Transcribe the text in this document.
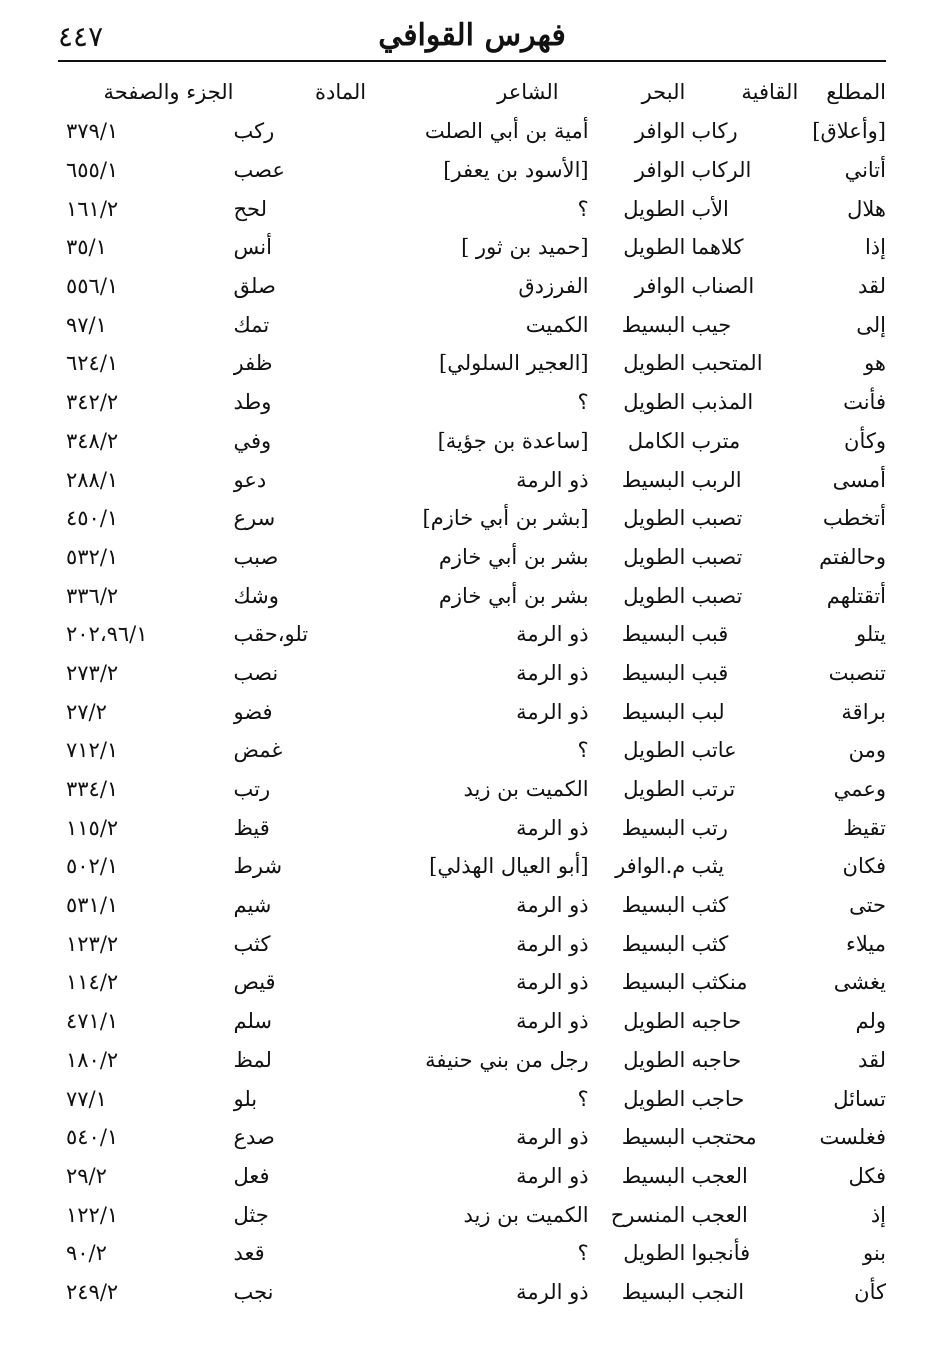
٤٤٧	فهرس القوافي
المطلع	القافية	البحر	الشاعر	المادة	الجزء والصفحة
[وأعلاق]	ركاب	الوافر	أمية بن أبي الصلت	ركب	٣٧٩/١
أتاني	الركاب	الوافر	[الأسود بن يعفر]	عصب	٦٥٥/١
هلال	الأب	الطويل	؟	لحح	١٦١/٢
إذا	كلاهما	الطويل	[حميد بن ثور ]	أنس	٣٥/١
لقد	الصناب	الوافر	الفرزدق	صلق	٥٥٦/١
إلى	جيب	البسيط	الكميت	تمك	٩٧/١
هو	المتحبب	الطويل	[العجير السلولي]	ظفر	٦٢٤/١
فأنت	المذبب	الطويل	؟	وطد	٣٤٢/٢
وكأن	مترب	الكامل	[ساعدة بن جؤية]	وفي	٣٤٨/٢
أمسى	الربب	البسيط	ذو الرمة	دعو	٢٨٨/١
أتخطب	تصبب	الطويل	[بشر بن أبي خازم]	سرع	٤٥٠/١
وحالفتم	تصبب	الطويل	بشر بن أبي خازم	صبب	٥٣٢/١
أتقتلهم	تصبب	الطويل	بشر بن أبي خازم	وشك	٣٣٦/٢
يتلو	قبب	البسيط	ذو الرمة	تلو،حقب	٢٠٢،٩٦/١
تنصبت	قبب	البسيط	ذو الرمة	نصب	٢٧٣/٢
براقة	لبب	البسيط	ذو الرمة	فضو	٢٧/٢
ومن	عاتب	الطويل	؟	غمض	٧١٢/١
وعمي	ترتب	الطويل	الكميت بن زيد	رتب	٣٣٤/١
تقيظ	رتب	البسيط	ذو الرمة	قيظ	١١٥/٢
فكان	يثب	م.الوافر	[أبو العيال الهذلي]	شرط	٥٠٢/١
حتى	كثب	البسيط	ذو الرمة	شيم	٥٣١/١
ميلاء	كثب	البسيط	ذو الرمة	كثب	١٢٣/٢
يغشى	منكثب	البسيط	ذو الرمة	قيص	١١٤/٢
ولم	حاجبه	الطويل	ذو الرمة	سلم	٤٧١/١
لقد	حاجبه	الطويل	رجل من بني حنيفة	لمظ	١٨٠/٢
تسائل	حاجب	الطويل	؟	بلو	٧٧/١
فغلست	محتجب	البسيط	ذو الرمة	صدع	٥٤٠/١
فكل	العجب	البسيط	ذو الرمة	فعل	٢٩/٢
إذ	العجب	المنسرح	الكميت بن زيد	جثل	١٢٢/١
بنو	فأنجبوا	الطويل	؟	قعد	٩٠/٢
كأن	النجب	البسيط	ذو الرمة	نجب	٢٤٩/٢
